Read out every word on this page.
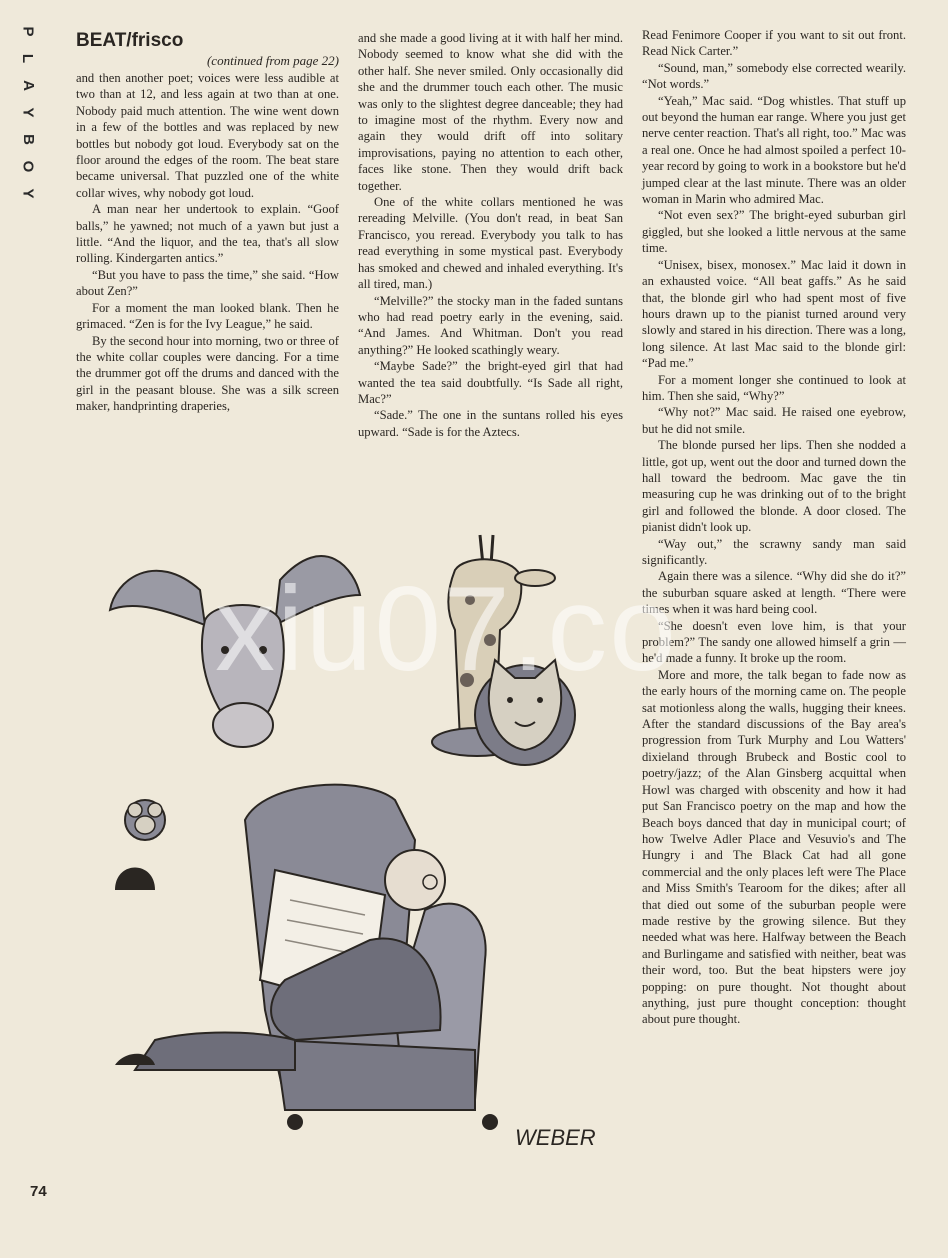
P
L
A
Y
B
O
Y

BEAT/frisco

(continued from page 22)

and then another poet; voices were less audible at two than at 12, and less again at two than at one. Nobody paid much attention. The wine went down in a few of the bottles and was replaced by new bottles but nobody got loud. Everybody sat on the floor around the edges of the room. The beat stare became universal. That puzzled one of the white collar wives, why nobody got loud.

A man near her undertook to explain. “Goof balls,” he yawned; not much of a yawn but just a little. “And the liquor, and the tea, that's all slow rolling. Kindergarten antics.”

“But you have to pass the time,” she said. “How about Zen?”

For a moment the man looked blank. Then he grimaced. “Zen is for the Ivy League,” he said.

By the second hour into morning, two or three of the white collar couples were dancing. For a time the drummer got off the drums and danced with the girl in the peasant blouse. She was a silk screen maker, handprinting draperies,

and she made a good living at it with half her mind. Nobody seemed to know what she did with the other half. She never smiled. Only occasionally did she and the drummer touch each other. The music was only to the slightest degree danceable; they had to imagine most of the rhythm. Every now and again they would drift off into solitary improvisations, paying no attention to each other, faces like stone. Then they would drift back together.

One of the white collars mentioned he was rereading Melville. (You don't read, in beat San Francisco, you reread. Everybody you talk to has read everything in some mystical past. Everybody has smoked and chewed and inhaled everything. It's all tired, man.)

“Melville?” the stocky man in the faded suntans who had read poetry early in the evening, said. “And James. And Whitman. Don't you read anything?” He looked scathingly weary.

“Maybe Sade?” the bright-eyed girl that had wanted the tea said doubtfully. “Is Sade all right, Mac?”

“Sade.” The one in the suntans rolled his eyes upward. “Sade is for the Aztecs.

Read Fenimore Cooper if you want to sit out front. Read Nick Carter.”

“Sound, man,” somebody else corrected wearily. “Not words.”

“Yeah,” Mac said. “Dog whistles. That stuff up out beyond the human ear range. Where you just get nerve center reaction. That's all right, too.” Mac was a real one. Once he had almost spoiled a perfect 10-year record by going to work in a bookstore but he'd jumped clear at the last minute. There was an older woman in Marin who admired Mac.

“Not even sex?” The bright-eyed suburban girl giggled, but she looked a little nervous at the same time.

“Unisex, bisex, monosex.” Mac laid it down in an exhausted voice. “All beat gaffs.” As he said that, the blonde girl who had spent most of five hours drawn up to the pianist turned around very slowly and stared in his direction. There was a long, long silence. At last Mac said to the blonde girl: “Pad me.”

For a moment longer she continued to look at him. Then she said, “Why?”

“Why not?” Mac said. He raised one eyebrow, but he did not smile.

The blonde pursed her lips. Then she nodded a little, got up, went out the door and turned down the hall toward the bedroom. Mac gave the tin measuring cup he was drinking out of to the bright girl and followed the blonde. A door closed. The pianist didn't look up.

“Way out,” the scrawny sandy man said significantly.

Again there was a silence. “Why did she do it?” the suburban square asked at length. “There were times when it was hard being cool.

“She doesn't even love him, is that your problem?” The sandy one allowed himself a grin — he'd made a funny. It broke up the room.

More and more, the talk began to fade now as the early hours of the morning came on. The people sat motionless along the walls, hugging their knees. After the standard discussions of the Bay area's progression from Turk Murphy and Lou Watters' dixieland through Brubeck and Bostic cool to poetry/jazz; of the Alan Ginsberg acquittal when Howl was charged with obscenity and how it had put San Francisco poetry on the map and how the Beach boys danced that day in municipal court; of how Twelve Adler Place and Vesuvio's and The Hungry i and The Black Cat had all gone commercial and the only places left were The Place and Miss Smith's Tearoom for the dikes; after all that died out some of the suburban people were made restive by the growing silence. But they needed what was here. Halfway between the Beach and Burlingame and satisfied with neither, beat was their word, too. But the beat hipsters were joy popping: on pure thought. Not thought about anything, just pure thought conception: thought about pure thought.

WEBER
xiu07.co
74
